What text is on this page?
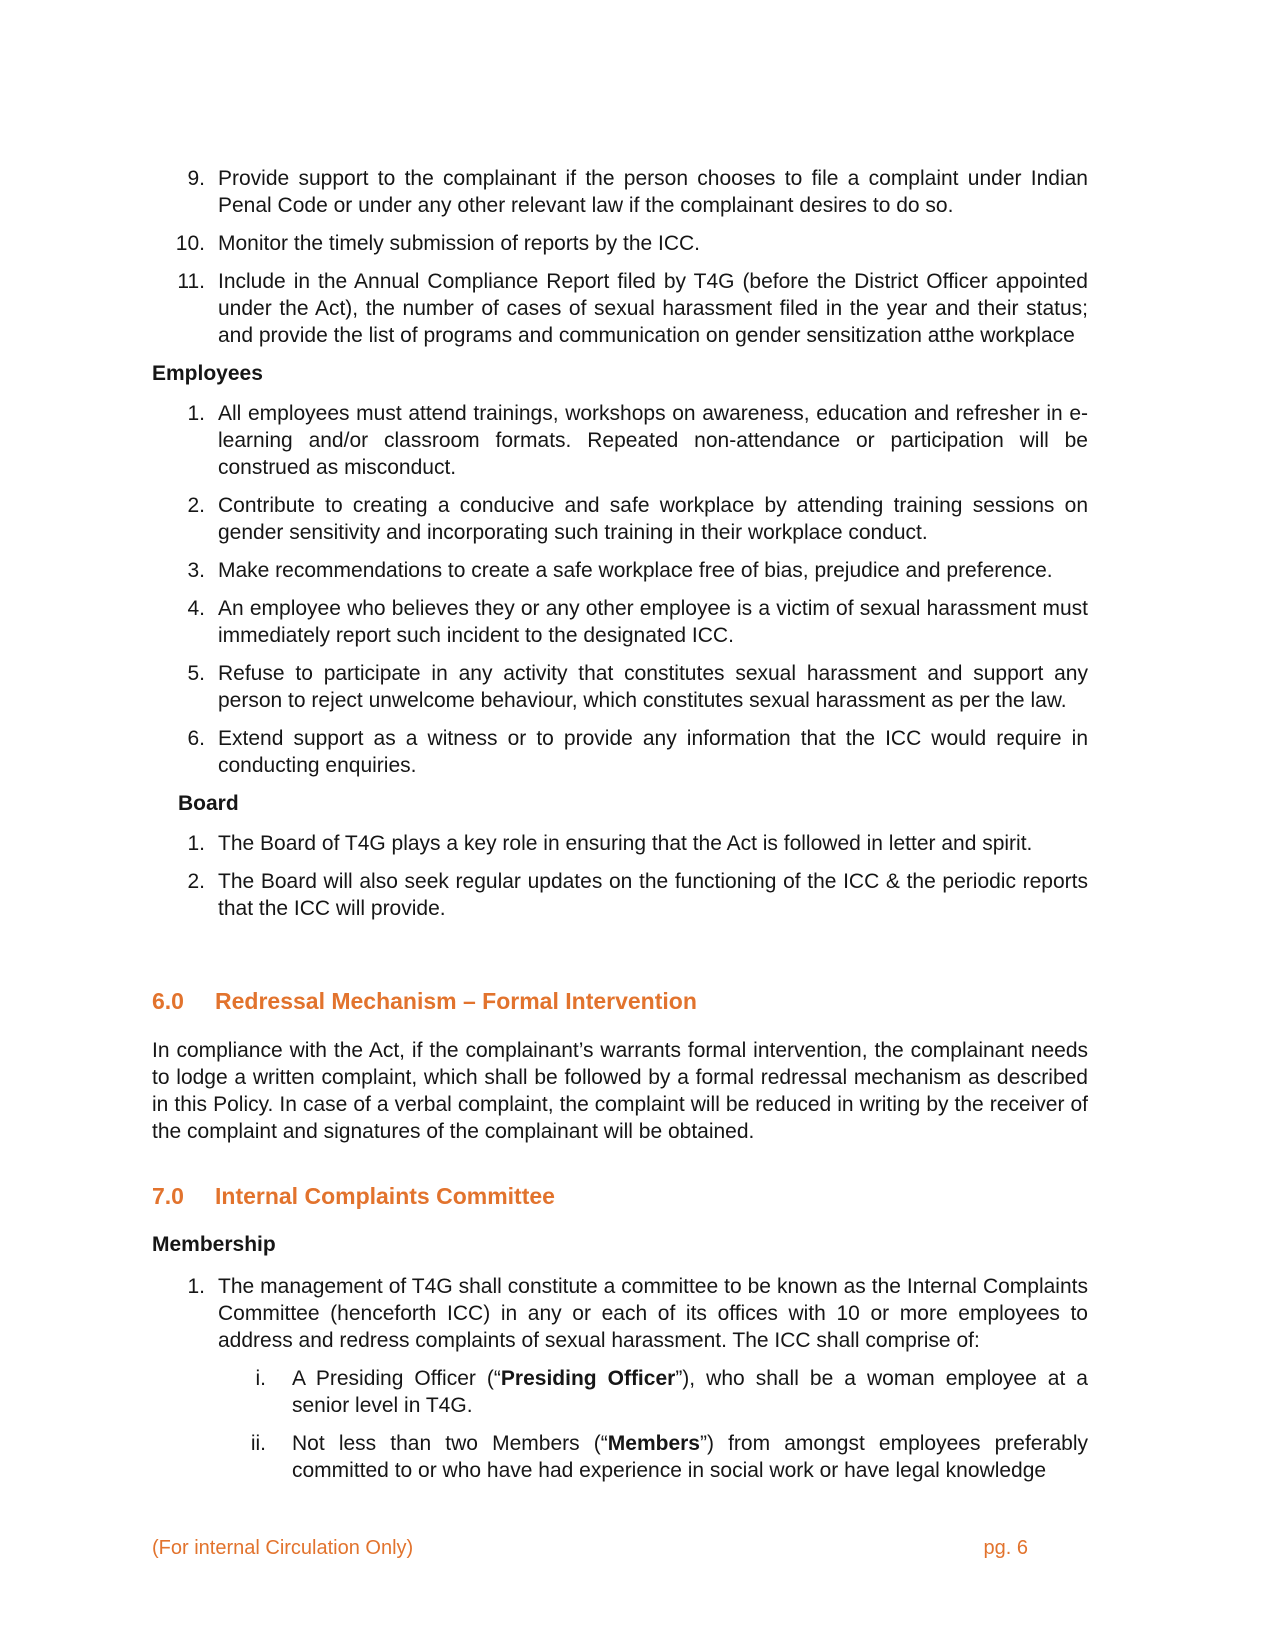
9. Provide support to the complainant if the person chooses to file a complaint under Indian Penal Code or under any other relevant law if the complainant desires to do so.
10. Monitor the timely submission of reports by the ICC.
11. Include in the Annual Compliance Report filed by T4G (before the District Officer appointed under the Act), the number of cases of sexual harassment filed in the year and their status; and provide the list of programs and communication on gender sensitization atthe workplace
Employees
1. All employees must attend trainings, workshops on awareness, education and refresher in e-learning and/or classroom formats. Repeated non-attendance or participation will be construed as misconduct.
2. Contribute to creating a conducive and safe workplace by attending training sessions on gender sensitivity and incorporating such training in their workplace conduct.
3. Make recommendations to create a safe workplace free of bias, prejudice and preference.
4. An employee who believes they or any other employee is a victim of sexual harassment must immediately report such incident to the designated ICC.
5. Refuse to participate in any activity that constitutes sexual harassment and support any person to reject unwelcome behaviour, which constitutes sexual harassment as per the law.
6. Extend support as a witness or to provide any information that the ICC would require in conducting enquiries.
Board
1. The Board of T4G plays a key role in ensuring that the Act is followed in letter and spirit.
2. The Board will also seek regular updates on the functioning of the ICC & the periodic reports that the ICC will provide.
6.0	Redressal Mechanism – Formal Intervention

In compliance with the Act, if the complainant’s warrants formal intervention, the complainant needs to lodge a written complaint, which shall be followed by a formal redressal mechanism as described in this Policy. In case of a verbal complaint, the complaint will be reduced in writing by the receiver of the complaint and signatures of the complainant will be obtained.

7.0	Internal Complaints Committee
Membership
1. The management of T4G shall constitute a committee to be known as the Internal Complaints Committee (henceforth ICC) in any or each of its offices with 10 or more employees to address and redress complaints of sexual harassment. The ICC shall comprise of:
i.	A Presiding Officer (“Presiding Officer”), who shall be a woman employee at a senior level in T4G.
ii.	Not less than two Members (“Members”) from amongst employees preferably committed to or who have had experience in social work or have legal knowledge
(For internal Circulation Only)	pg. 6
